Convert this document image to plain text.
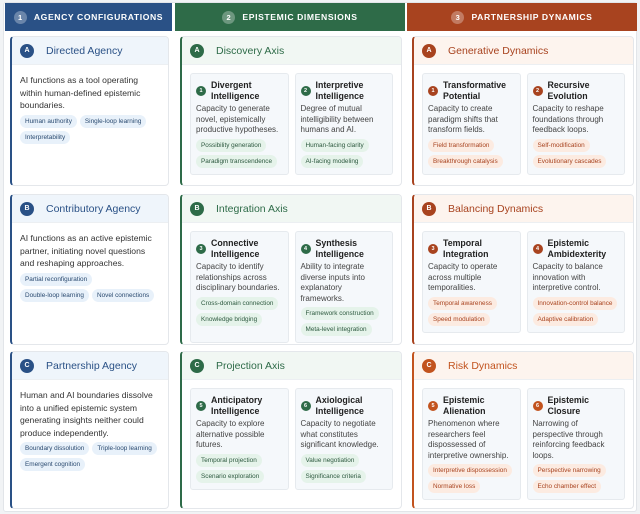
1	AGENCY CONFIGURATIONS
A	Directed Agency
AI functions as a tool operating within human-defined epistemic boundaries.
Human authority	Single-loop learning
Interpretability
B	Contributory Agency
AI functions as an active epistemic partner, initiating novel questions and reshaping approaches.
Partial reconfiguration
Double-loop learning	Novel connections
C	Partnership Agency
Human and AI boundaries dissolve into a unified epistemic system generating insights neither could produce independently.
Boundary dissolution	Triple-loop learning
Emergent cognition
2	EPISTEMIC DIMENSIONS
A	Discovery Axis
1
Divergent Intelligence
Capacity to generate novel, epistemically productive hypotheses.
Possibility generation
Paradigm transcendence
2
Interpretive Intelligence
Degree of mutual intelligibility between humans and AI.
Human-facing clarity
AI-facing modeling
B	Integration Axis
3
Connective Intelligence
Capacity to identify relationships across disciplinary boundaries.
Cross-domain connection
Knowledge bridging
4
Synthesis Intelligence
Ability to integrate diverse inputs into explanatory frameworks.
Framework construction
Meta-level integration
C	Projection Axis
5
Anticipatory Intelligence
Capacity to explore alternative possible futures.
Temporal projection
Scenario exploration
6
Axiological Intelligence
Capacity to negotiate what constitutes significant knowledge.
Value negotiation
Significance criteria
3	PARTNERSHIP DYNAMICS
A	Generative Dynamics
1
Transformative Potential
Capacity to create paradigm shifts that transform fields.
Field transformation
Breakthrough catalysis
2
Recursive Evolution
Capacity to reshape foundations through feedback loops.
Self-modification
Evolutionary cascades
B	Balancing Dynamics
3
Temporal Integration
Capacity to operate across multiple temporalities.
Temporal awareness
Speed modulation
4
Epistemic Ambidexterity
Capacity to balance innovation with interpretive control.
Innovation-control balance
Adaptive calibration
C	Risk Dynamics
5
Epistemic Alienation
Phenomenon where researchers feel dispossessed of interpretive ownership.
Interpretive dispossession
Normative loss
6
Epistemic Closure
Narrowing of perspective through reinforcing feedback loops.
Perspective narrowing
Echo chamber effect
